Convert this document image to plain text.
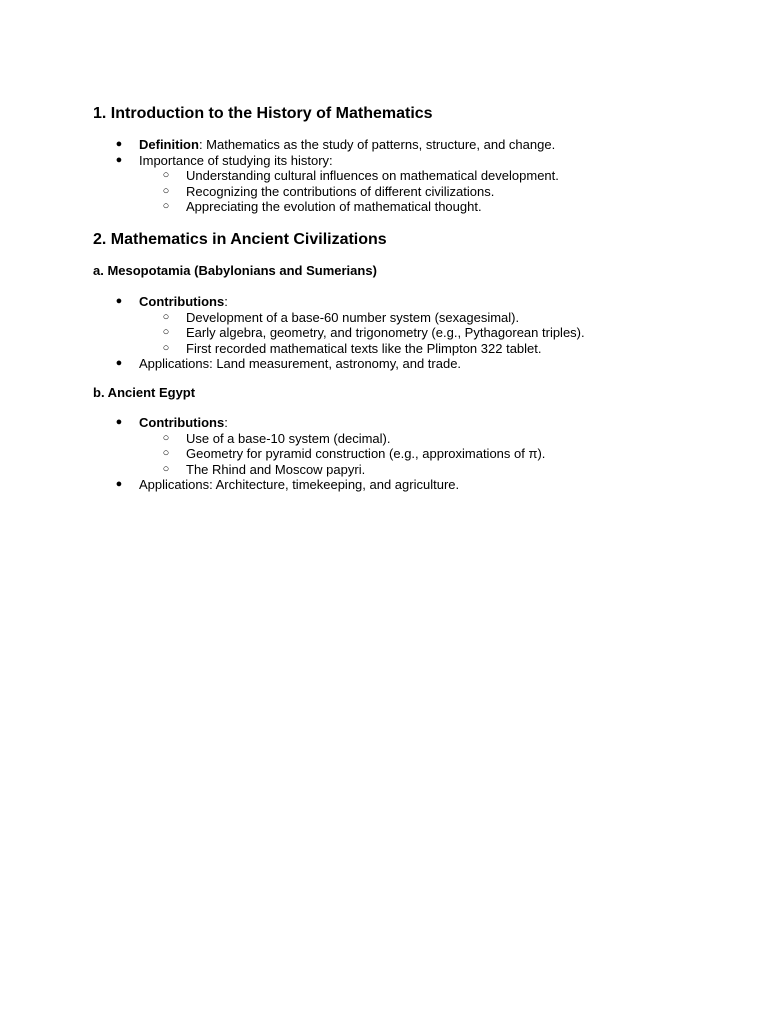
1. Introduction to the History of Mathematics
● Definition: Mathematics as the study of patterns, structure, and change.
● Importance of studying its history:
○ Understanding cultural influences on mathematical development.
○ Recognizing the contributions of different civilizations.
○ Appreciating the evolution of mathematical thought.
2. Mathematics in Ancient Civilizations
a. Mesopotamia (Babylonians and Sumerians)
● Contributions:
○ Development of a base-60 number system (sexagesimal).
○ Early algebra, geometry, and trigonometry (e.g., Pythagorean triples).
○ First recorded mathematical texts like the Plimpton 322 tablet.
● Applications: Land measurement, astronomy, and trade.
b. Ancient Egypt
● Contributions:
○ Use of a base-10 system (decimal).
○ Geometry for pyramid construction (e.g., approximations of π).
○ The Rhind and Moscow papyri.
● Applications: Architecture, timekeeping, and agriculture.
